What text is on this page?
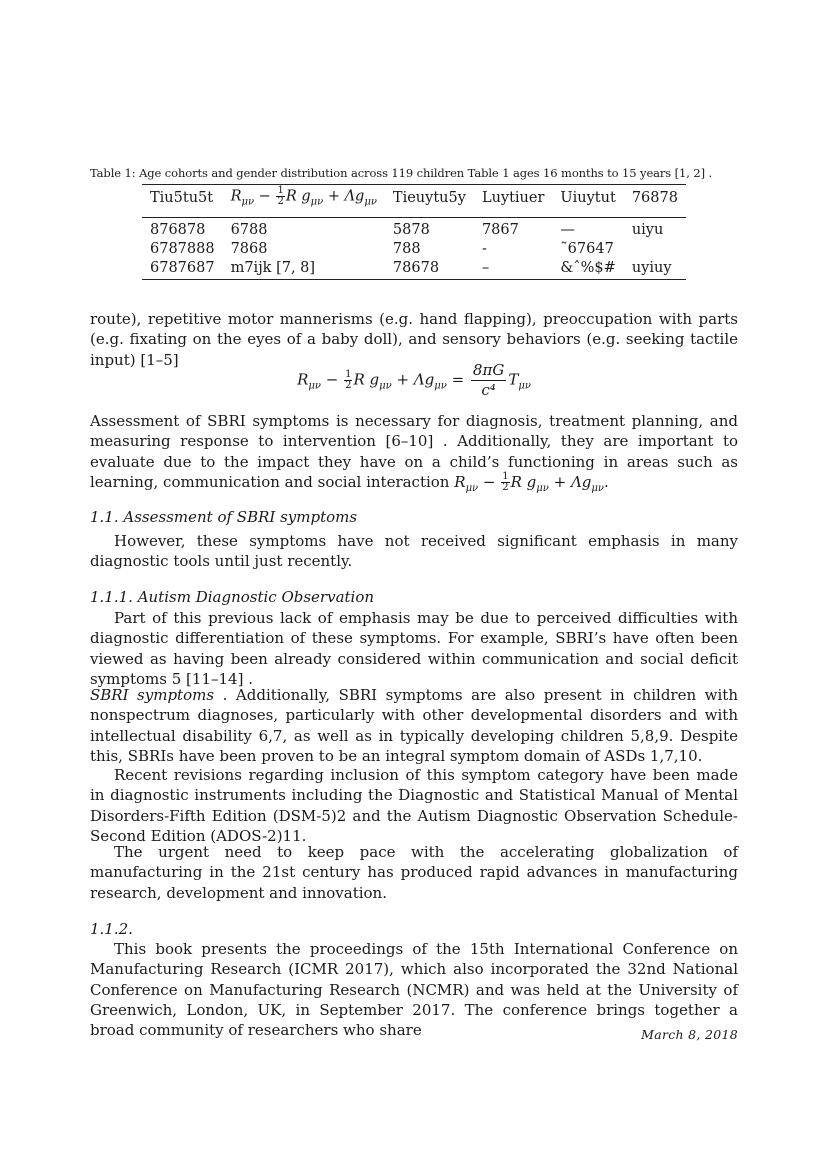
Table 1: Age cohorts and gender distribution across 119 children Table 1 ages 16 months to 15 years [1, 2] .
Tiu5tu5t	$R_{\mu\nu} - \frac{1}{2}$ R $g_{\mu\nu} + \Lambda g_{\mu\nu}$	Tieuytu5y	Luytiuer	Uiuytut	76878
876878	6788	5878	7867	—	uiyu
6787888	7868	788	-	˜67647	
6787687	m7ijk [7, 8]	78678	–	&ˆ%$#	uyiuy
route), repetitive motor mannerisms (e.g. hand flapping), preoccupation with parts (e.g. fixating on the eyes of a baby doll), and sensory behaviors (e.g. seeking tactile input) [1–5]
$R_{\mu\nu} - \frac{1}{2}$ R $g_{\mu\nu} + \Lambda g_{\mu\nu} = \frac{8\pi G}{\text{c⁴}} T_{\mu\nu}$
Assessment of SBRI symptoms is necessary for diagnosis, treatment planning, and measuring response to intervention [6–10] . Additionally, they are important to evaluate due to the impact they have on a child’s functioning in areas such as learning, communication and social interaction $R_{\mu\nu} - \frac{1}{2}$ R $g_{\mu\nu} + \Lambda g_{\mu\nu}$.
1.1. Assessment of SBRI symptoms
However, these symptoms have not received significant emphasis in many diagnostic tools until just recently.
1.1.1. Autism Diagnostic Observation
Part of this previous lack of emphasis may be due to perceived difficulties with diagnostic differentiation of these symptoms. For example, SBRI’s have often been viewed as having been already considered within communication and social deficit symptoms 5 [11–14] .
SBRI symptoms . Additionally, SBRI symptoms are also present in children with nonspectrum diagnoses, particularly with other developmental disorders and with intellectual disability 6,7, as well as in typically developing children 5,8,9. Despite this, SBRIs have been proven to be an integral symptom domain of ASDs 1,7,10.
Recent revisions regarding inclusion of this symptom category have been made in diagnostic instruments including the Diagnostic and Statistical Manual of Mental Disorders-Fifth Edition (DSM-5)2 and the Autism Diagnostic Observation Schedule-Second Edition (ADOS-2)11.
The urgent need to keep pace with the accelerating globalization of manufacturing in the 21st century has produced rapid advances in manufacturing research, development and innovation.
1.1.2.
This book presents the proceedings of the 15th International Conference on Manufacturing Research (ICMR 2017), which also incorporated the 32nd National Conference on Manufacturing Research (NCMR) and was held at the University of Greenwich, London, UK, in September 2017. The conference brings together a broad community of researchers who share	March 8, 2018
